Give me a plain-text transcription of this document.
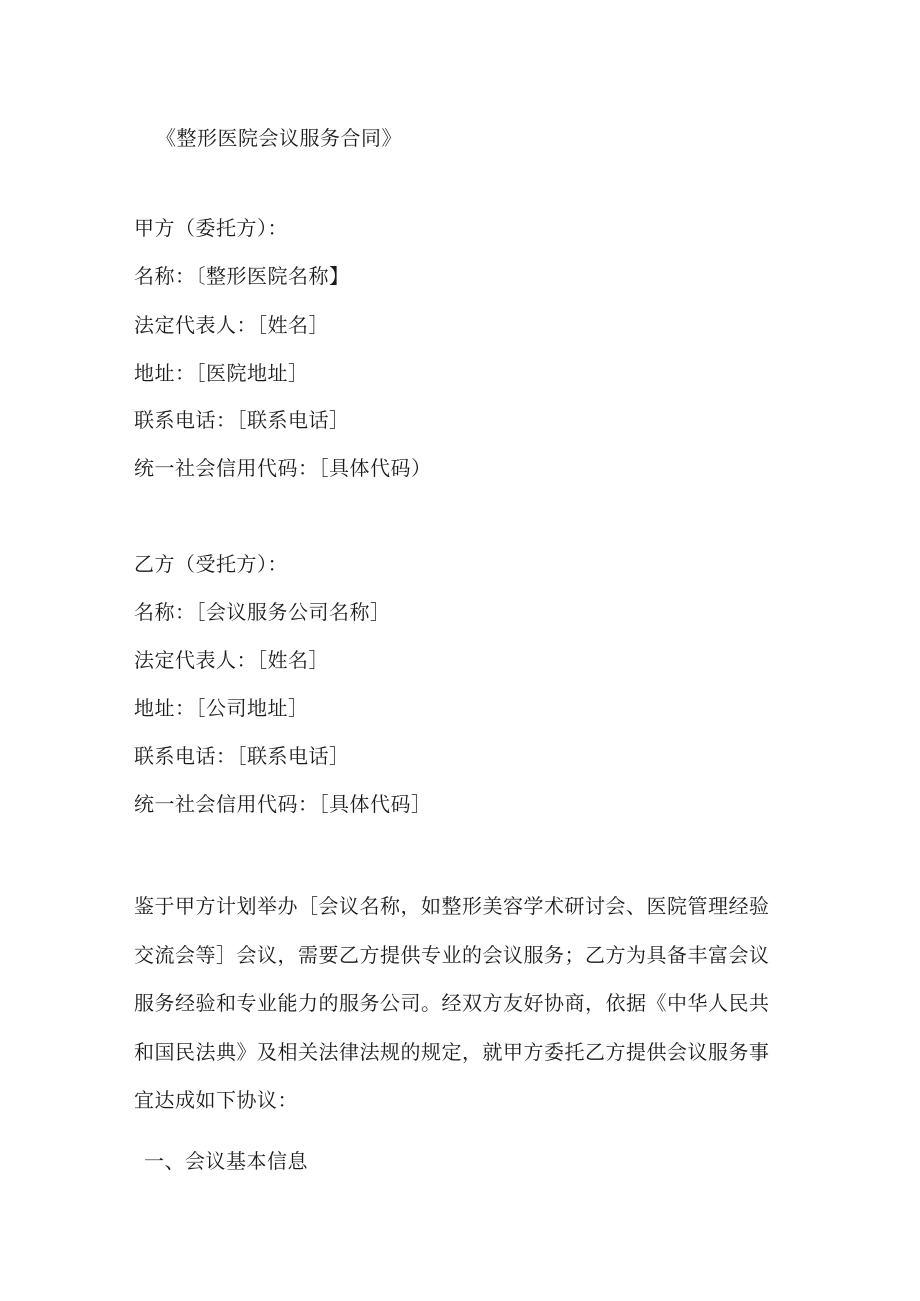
《整形医院会议服务合同》
甲方（委托方）：
名称：〔整形医院名称】
法定代表人：［姓名］
地址：［医院地址］
联系电话：［联系电话］
统一社会信用代码：［具体代码）
乙方（受托方）：
名称：［会议服务公司名称］
法定代表人：［姓名］
地址：［公司地址］
联系电话：［联系电话］
统一社会信用代码：［具体代码］
鉴于甲方计划举办［会议名称，如整形美容学术研讨会、医院管理经验
交流会等］会议，需要乙方提供专业的会议服务；乙方为具备丰富会议
服务经验和专业能力的服务公司。经双方友好协商，依据《中华人民共
和国民法典》及相关法律法规的规定，就甲方委托乙方提供会议服务事
宜达成如下协议：
一、会议基本信息
